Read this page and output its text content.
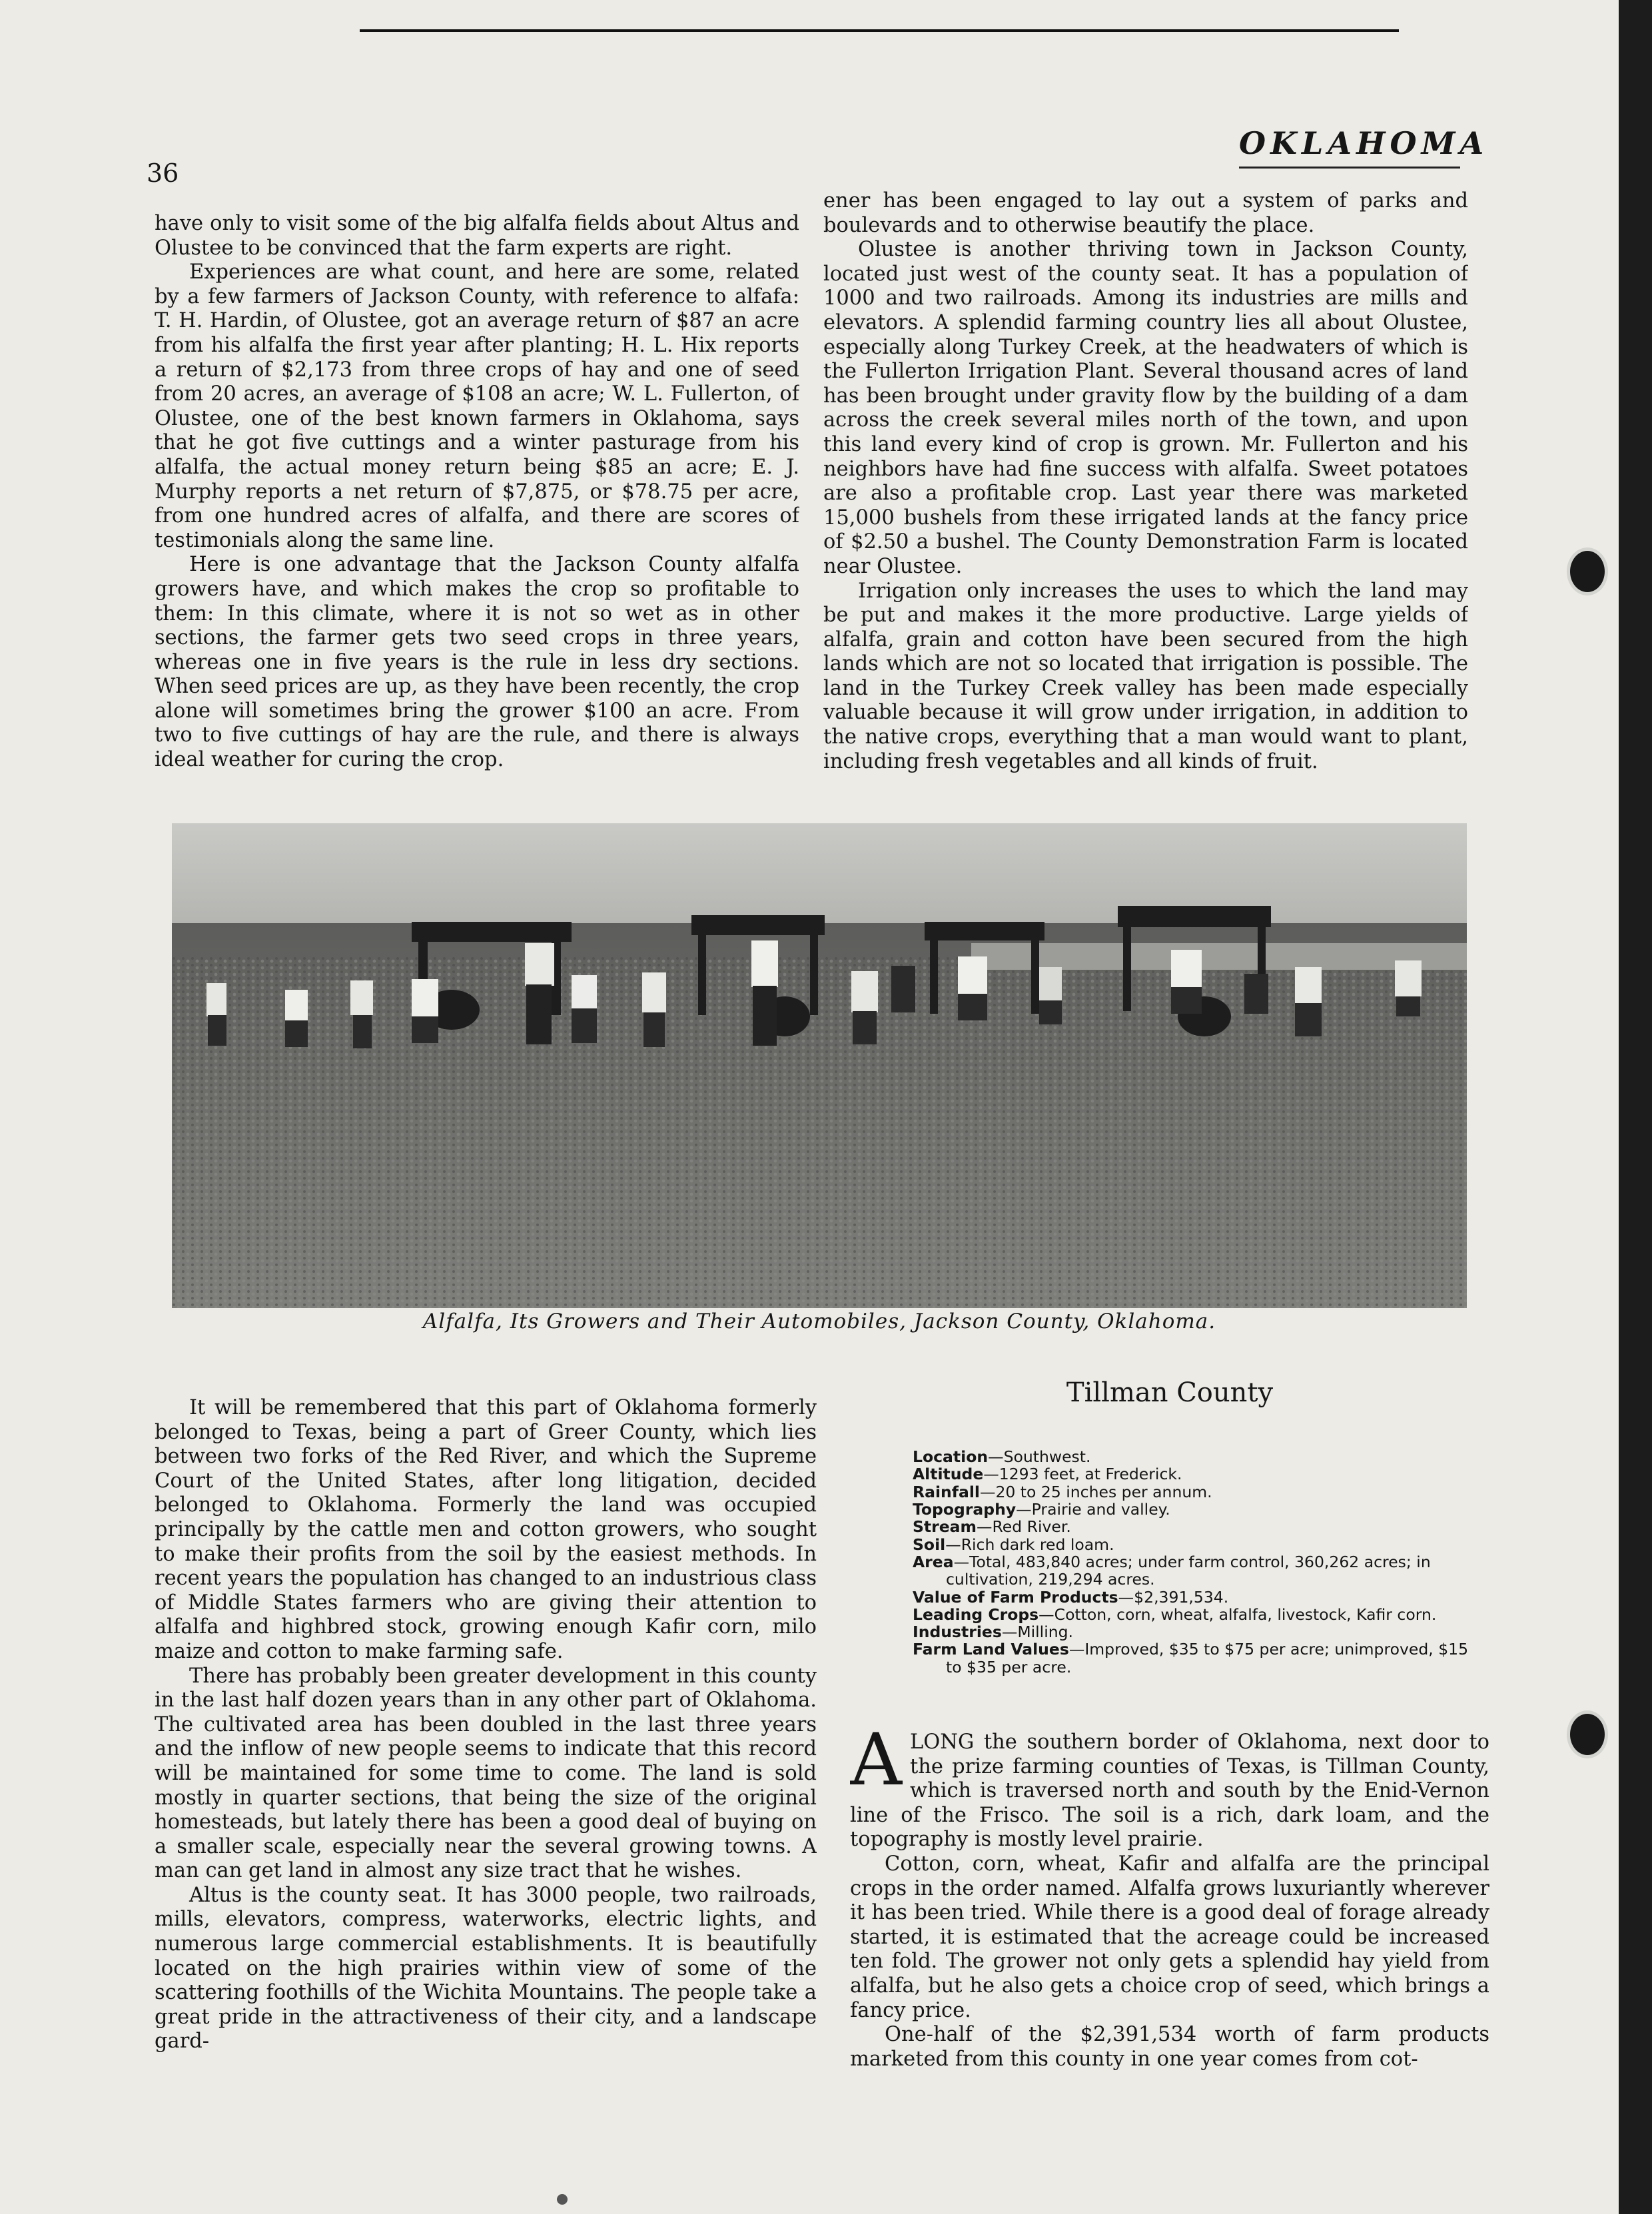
36
OKLAHOMA

have only to visit some of the big alfalfa fields about Altus and Olustee to be convinced that the farm experts are right.

Experiences are what count, and here are some, related by a few farmers of Jackson County, with reference to alfafa: T. H. Hardin, of Olustee, got an average return of $87 an acre from his alfalfa the first year after planting; H. L. Hix reports a return of $2,173 from three crops of hay and one of seed from 20 acres, an average of $108 an acre; W. L. Fullerton, of Olustee, one of the best known farmers in Oklahoma, says that he got five cuttings and a winter pasturage from his alfalfa, the actual money return being $85 an acre; E. J. Murphy reports a net return of $7,875, or $78.75 per acre, from one hundred acres of alfalfa, and there are scores of testimonials along the same line.

Here is one advantage that the Jackson County alfalfa growers have, and which makes the crop so profitable to them: In this climate, where it is not so wet as in other sections, the farmer gets two seed crops in three years, whereas one in five years is the rule in less dry sections. When seed prices are up, as they have been recently, the crop alone will sometimes bring the grower $100 an acre. From two to five cuttings of hay are the rule, and there is always ideal weather for curing the crop.

ener has been engaged to lay out a system of parks and boulevards and to otherwise beautify the place.

Olustee is another thriving town in Jackson County, located just west of the county seat. It has a population of 1000 and two railroads. Among its industries are mills and elevators. A splendid farming country lies all about Olustee, especially along Turkey Creek, at the headwaters of which is the Fullerton Irrigation Plant. Several thousand acres of land has been brought under gravity flow by the building of a dam across the creek several miles north of the town, and upon this land every kind of crop is grown. Mr. Fullerton and his neighbors have had fine success with alfalfa. Sweet potatoes are also a profitable crop. Last year there was marketed 15,000 bushels from these irrigated lands at the fancy price of $2.50 a bushel. The County Demonstration Farm is located near Olustee.

Irrigation only increases the uses to which the land may be put and makes it the more productive. Large yields of alfalfa, grain and cotton have been secured from the high lands which are not so located that irrigation is possible. The land in the Turkey Creek valley has been made especially valuable because it will grow under irrigation, in addition to the native crops, everything that a man would want to plant, including fresh vegetables and all kinds of fruit.

Alfalfa, Its Growers and Their Automobiles, Jackson County, Oklahoma.

It will be remembered that this part of Oklahoma formerly belonged to Texas, being a part of Greer County, which lies between two forks of the Red River, and which the Supreme Court of the United States, after long litigation, decided belonged to Oklahoma. Formerly the land was occupied principally by the cattle men and cotton growers, who sought to make their profits from the soil by the easiest methods. In recent years the population has changed to an industrious class of Middle States farmers who are giving their attention to alfalfa and highbred stock, growing enough Kafir corn, milo maize and cotton to make farming safe.

There has probably been greater development in this county in the last half dozen years than in any other part of Oklahoma. The cultivated area has been doubled in the last three years and the inflow of new people seems to indicate that this record will be maintained for some time to come. The land is sold mostly in quarter sections, that being the size of the original homesteads, but lately there has been a good deal of buying on a smaller scale, especially near the several growing towns. A man can get land in almost any size tract that he wishes.

Altus is the county seat. It has 3000 people, two railroads, mills, elevators, compress, waterworks, electric lights, and numerous large commercial establishments. It is beautifully located on the high prairies within view of some of the scattering foothills of the Wichita Mountains. The people take a great pride in the attractiveness of their city, and a landscape gard-

Tillman County

Location—Southwest.

Altitude—1293 feet, at Frederick.

Rainfall—20 to 25 inches per annum.

Topography—Prairie and valley.

Stream—Red River.

Soil—Rich dark red loam.

Area—Total, 483,840 acres; under farm control, 360,262 acres; in cultivation, 219,294 acres.

Value of Farm Products—$2,391,534.

Leading Crops—Cotton, corn, wheat, alfalfa, livestock, Kafir corn.

Industries—Milling.

Farm Land Values—Improved, $35 to $75 per acre; unimproved, $15 to $35 per acre.

ALONG the southern border of Oklahoma, next door to the prize farming counties of Texas, is Tillman County, which is traversed north and south by the Enid-Vernon line of the Frisco. The soil is a rich, dark loam, and the topography is mostly level prairie.

Cotton, corn, wheat, Kafir and alfalfa are the principal crops in the order named. Alfalfa grows luxuriantly wherever it has been tried. While there is a good deal of forage already started, it is estimated that the acreage could be increased ten fold. The grower not only gets a splendid hay yield from alfalfa, but he also gets a choice crop of seed, which brings a fancy price.

One-half of the $2,391,534 worth of farm products marketed from this county in one year comes from cot-
